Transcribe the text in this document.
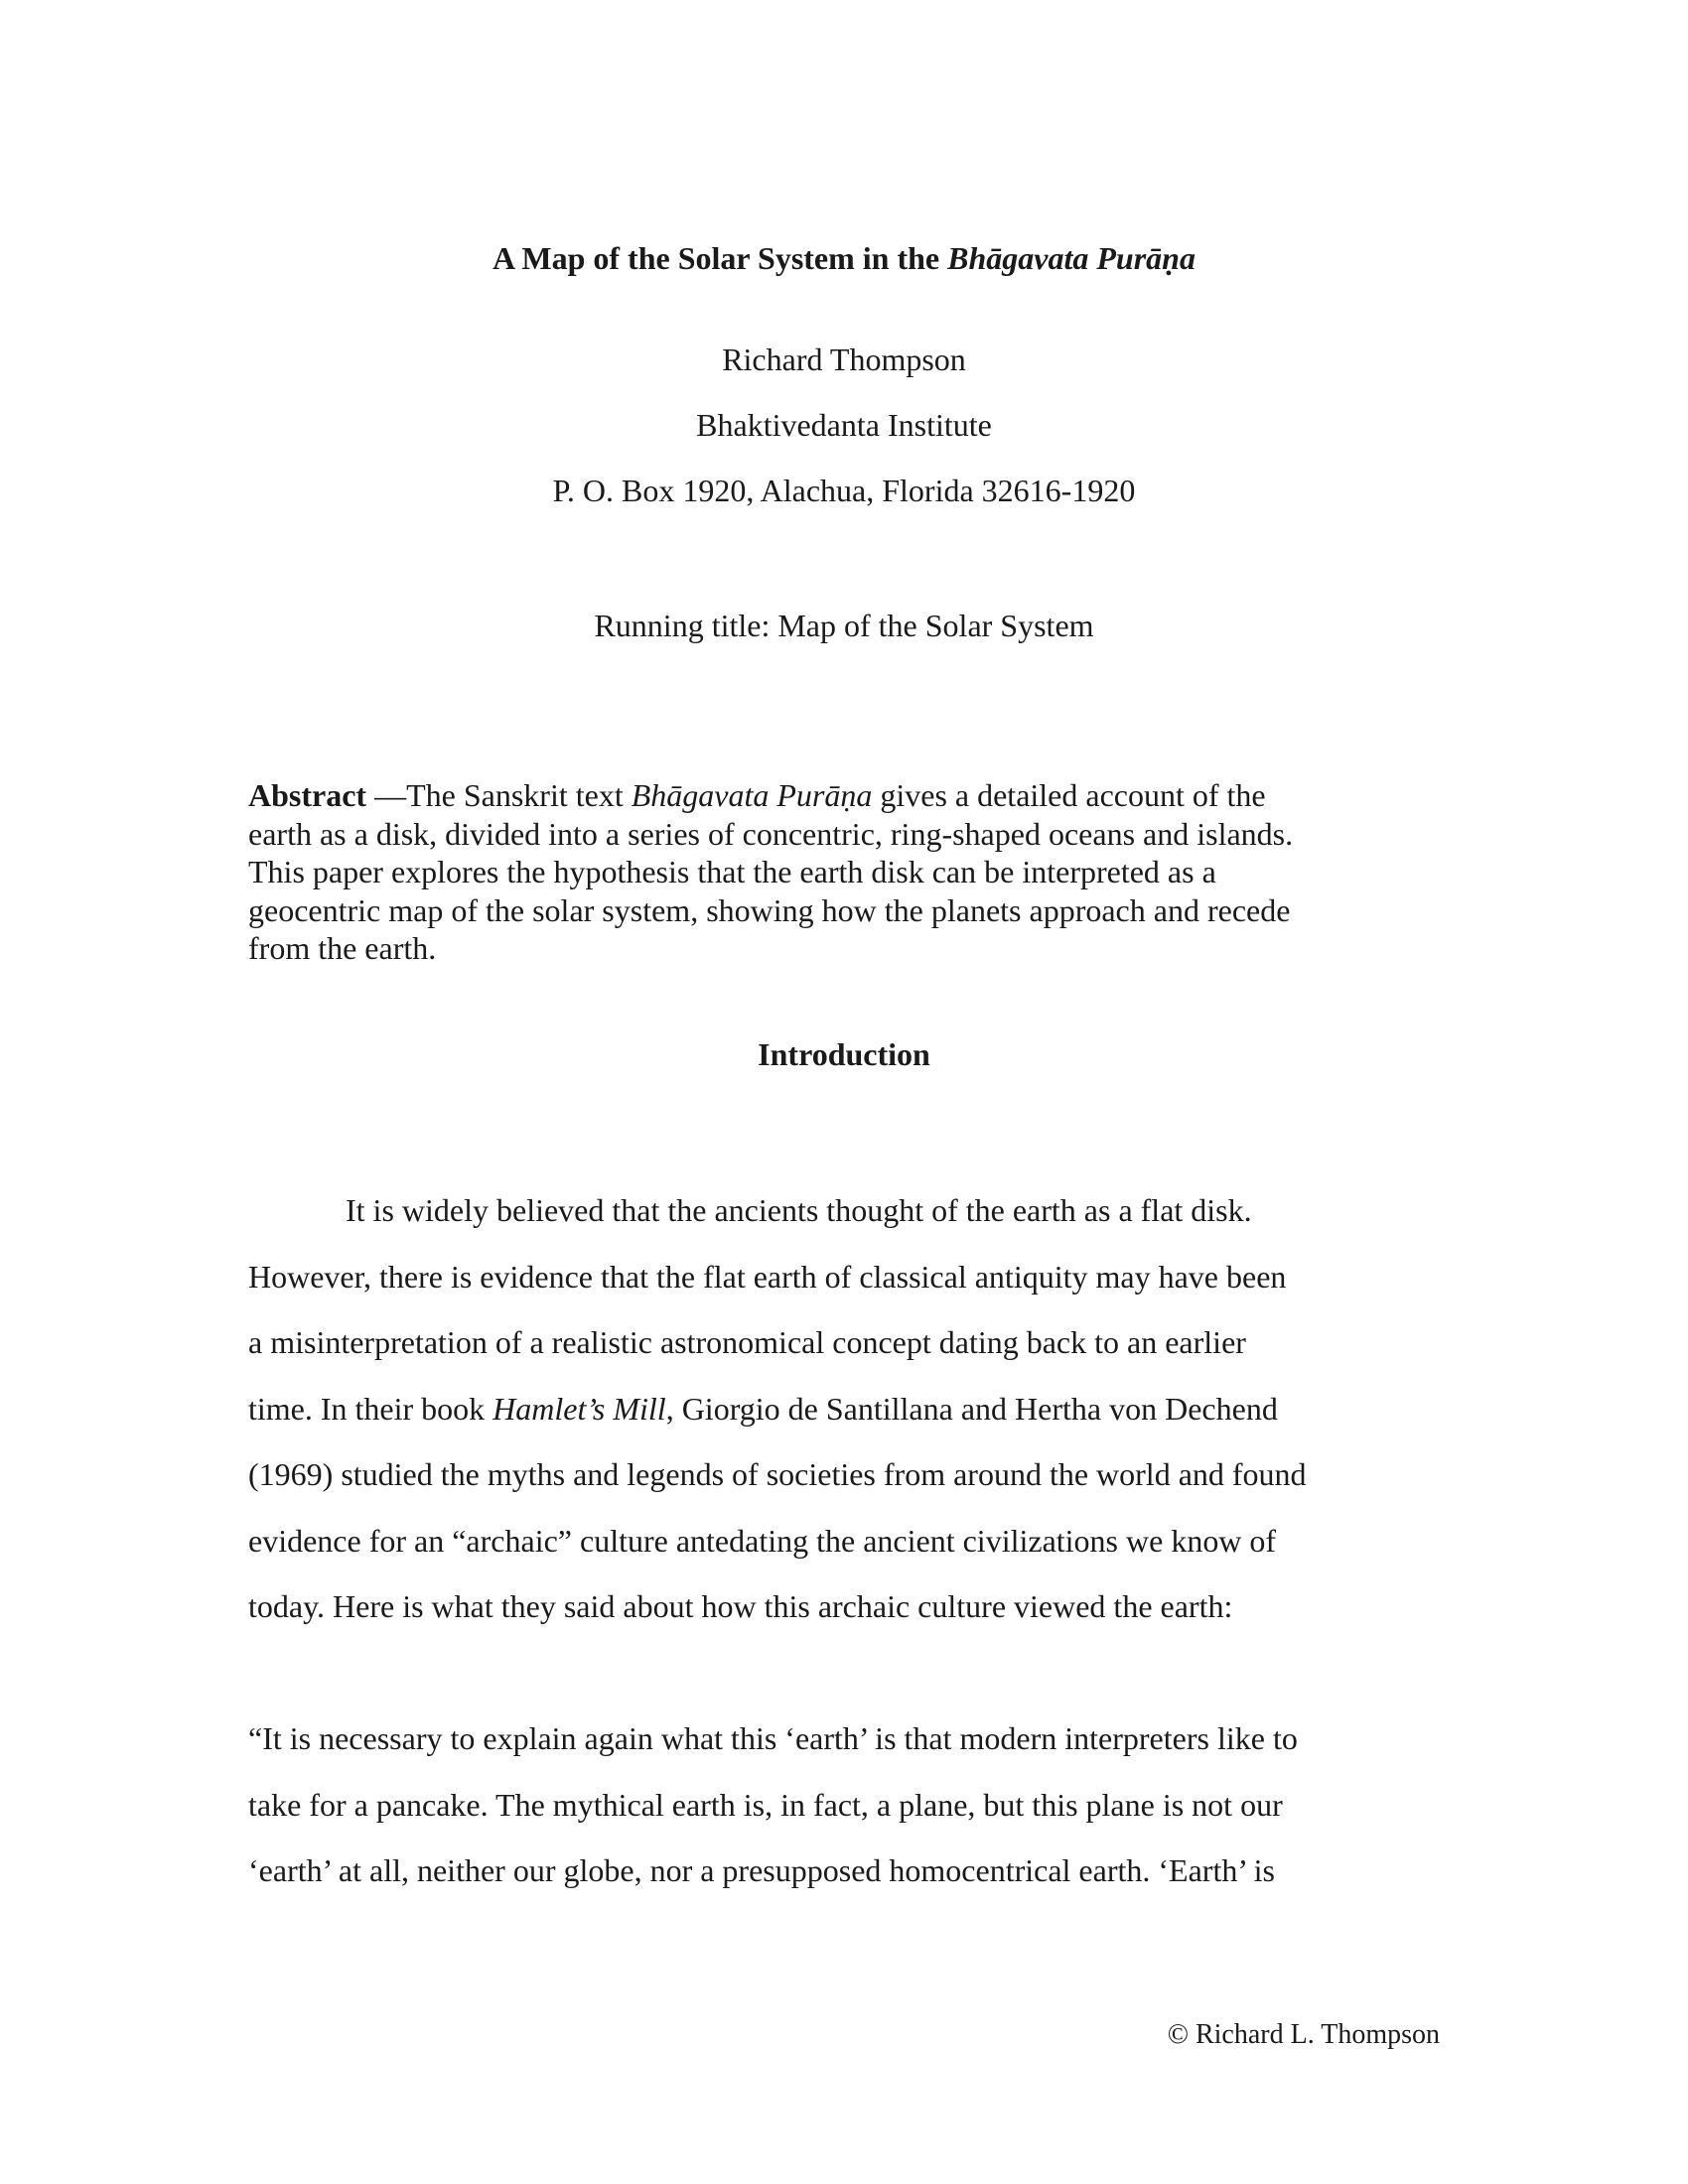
A Map of the Solar System in the Bhāgavata Purāṇa
Richard Thompson
Bhaktivedanta Institute
P. O. Box 1920, Alachua, Florida 32616-1920
Running title: Map of the Solar System
Abstract —The Sanskrit text Bhāgavata Purāṇa gives a detailed account of the
earth as a disk, divided into a series of concentric, ring-shaped oceans and islands.
This paper explores the hypothesis that the earth disk can be interpreted as a
geocentric map of the solar system, showing how the planets approach and recede
from the earth.
Introduction
It is widely believed that the ancients thought of the earth as a flat disk.
However, there is evidence that the flat earth of classical antiquity may have been
a misinterpretation of a realistic astronomical concept dating back to an earlier
time. In their book Hamlet’s Mill, Giorgio de Santillana and Hertha von Dechend
(1969) studied the myths and legends of societies from around the world and found
evidence for an “archaic” culture antedating the ancient civilizations we know of
today. Here is what they said about how this archaic culture viewed the earth:
“It is necessary to explain again what this ‘earth’ is that modern interpreters like to
take for a pancake. The mythical earth is, in fact, a plane, but this plane is not our
‘earth’ at all, neither our globe, nor a presupposed homocentrical earth. ‘Earth’ is
© Richard L. Thompson
